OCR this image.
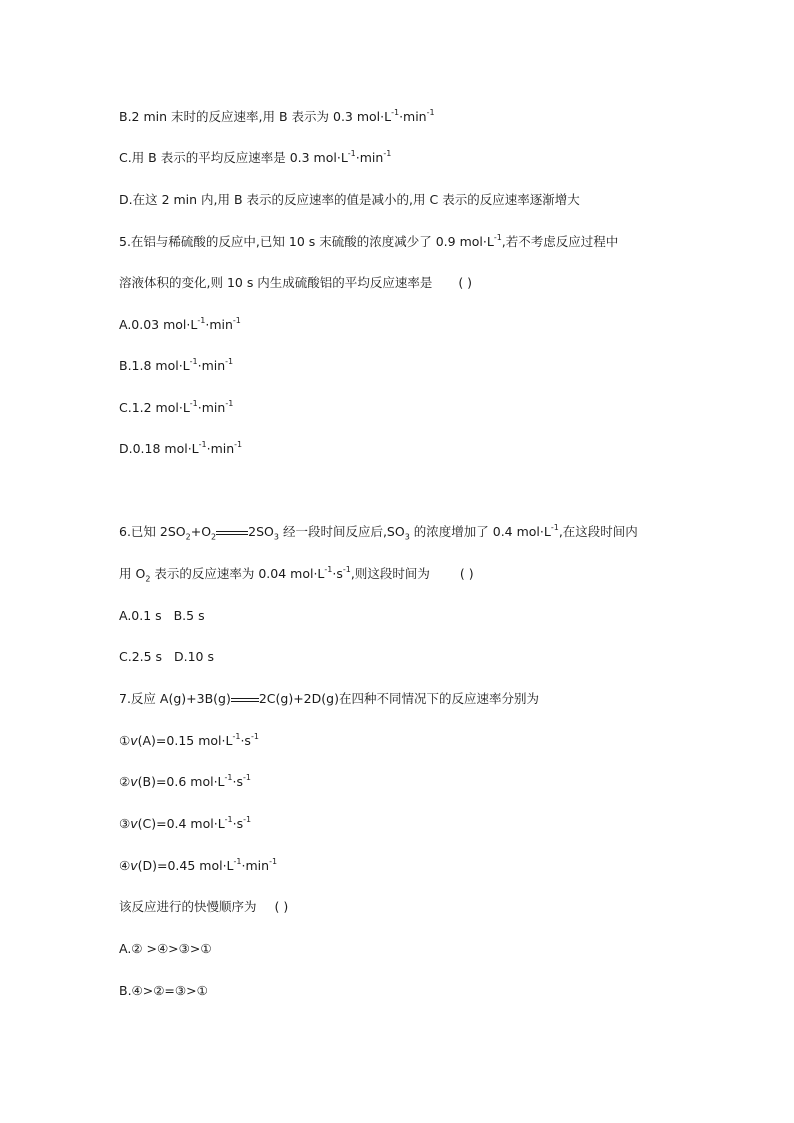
B.2 min 末时的反应速率,用 B 表示为 0.3 $mol\cdot L^{-1}\cdot\min^{-1}$
C.用 B 表示的平均反应速率是 0.3 $mol\cdot L^{-1}\cdot\min^{-1}$
D.在这 2 min 内,用 B 表示的反应速率的值是减小的,用 C 表示的反应速率逐渐增大
5.在铝与稀硫酸的反应中,已知 10 s 末硫酸的浓度减少了 0.9 $mol\cdot L^{-1}$,若不考虑反应过程中
溶液体积的变化,则 10 s 内生成硫酸铝的平均反应速率是 ( )
A.0.03 $mol\cdot L^{-1}\cdot\min^{-1}$
B.1.8 $mol\cdot L^{-1}\cdot\min^{-1}$
C.1.2 $mol\cdot L^{-1}\cdot\min^{-1}$
D.0.18 $mol\cdot L^{-1}\cdot\min^{-1}$
6.已知 $2SO_2+O_2$	$2SO_3$ 经一段时间反应后$,SO_3$ 的浓度增加了 0.4 $mol\cdot L^{-1}$,在这段时间内
用 $O_2$ 表示的反应速率为 0.04 $mol\cdot L^{-1}\cdot s^{-1}$,则这段时间为 ( )
A.0.1 s   B.5 s
C.2.5 s   D.10 s
7.反应 A(g)+3B(g) 2C(g)+2D(g)在四种不同情况下的反应速率分别为
①v(A)=0.15 $mol\cdot L^{-1}\cdot s^{-1}$
②v(B)=0.6 $mol\cdot L^{-1}\cdot s^{-1}$
③v(C)=0.4 $mol\cdot L^{-1}\cdot s^{-1}$
④v(D)=0.45 $mol\cdot L^{-1}\cdot\min^{-1}$
该反应进行的快慢顺序为 ( )
A.② >④>③>①
B.④>②=③>①
